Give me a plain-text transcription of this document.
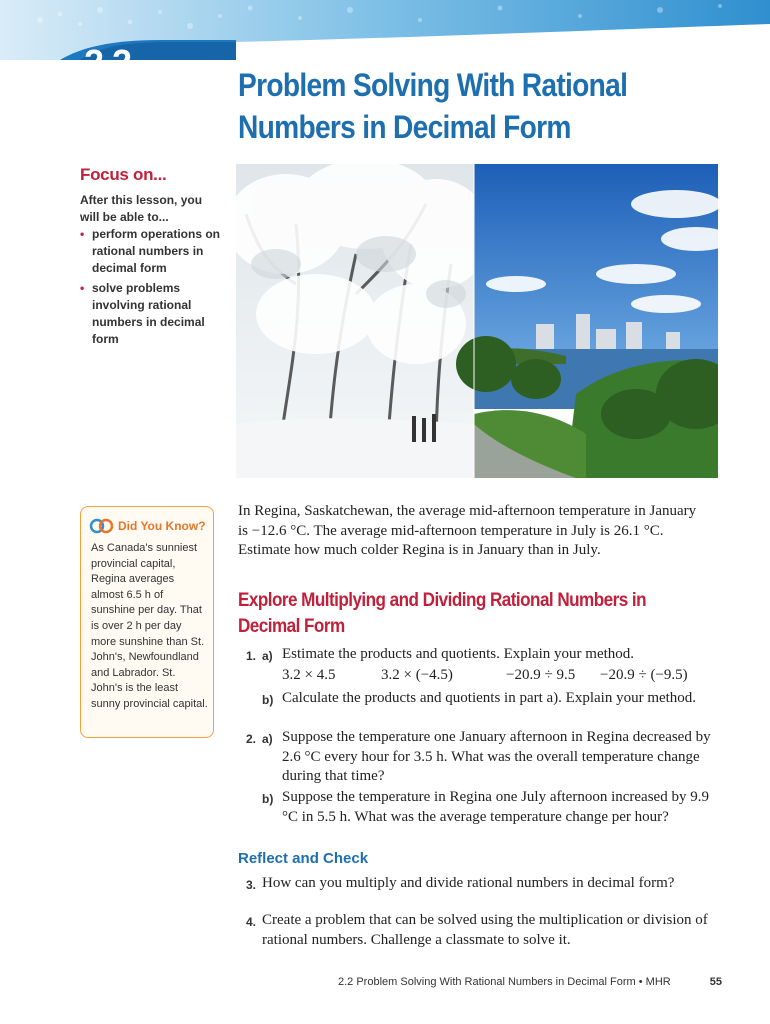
2.2
Problem Solving With Rational Numbers in Decimal Form
Focus on...
After this lesson, you will be able to...
• perform operations on rational numbers in decimal form
• solve problems involving rational numbers in decimal form
Did You Know?
As Canada's sunniest provincial capital, Regina averages almost 6.5 h of sunshine per day. That is over 2 h per day more sunshine than St. John's, Newfoundland and Labrador. St. John's is the least sunny provincial capital.

In Regina, Saskatchewan, the average mid-afternoon temperature in January is −12.6 °C. The average mid-afternoon temperature in July is 26.1 °C. Estimate how much colder Regina is in January than in July.

Explore Multiplying and Dividing Rational Numbers in Decimal Form
1. a) Estimate the products and quotients. Explain your method.
3.2 × 4.5	3.2 × (−4.5)	−20.9 ÷ 9.5 −20.9 ÷ (−9.5)
b) Calculate the products and quotients in part a). Explain your method.
2. a) Suppose the temperature one January afternoon in Regina decreased by 2.6 °C every hour for 3.5 h. What was the overall temperature change during that time?
b) Suppose the temperature in Regina one July afternoon increased by 9.9 °C in 5.5 h. What was the average temperature change per hour?
Reflect and Check
3. How can you multiply and divide rational numbers in decimal form?
4. Create a problem that can be solved using the multiplication or division of rational numbers. Challenge a classmate to solve it.
2.2 Problem Solving With Rational Numbers in Decimal Form • MHR	55
